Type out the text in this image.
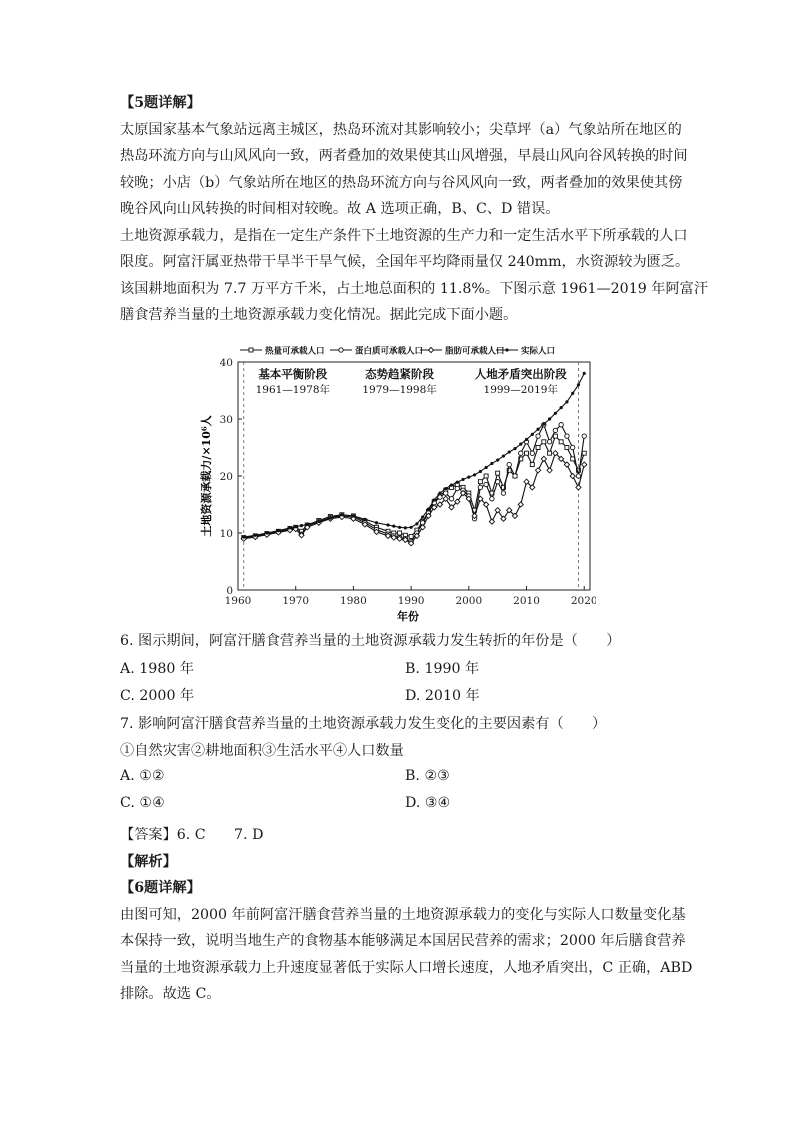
【5题详解】

太原国家基本气象站远离主城区，热岛环流对其影响较小；尖草坪（a）气象站所在地区的

热岛环流方向与山风风向一致，两者叠加的效果使其山风增强，早晨山风向谷风转换的时间

较晚；小店（b）气象站所在地区的热岛环流方向与谷风风向一致，两者叠加的效果使其傍

晚谷风向山风转换的时间相对较晚。故 A 选项正确，B、C、D 错误。

土地资源承载力，是指在一定生产条件下土地资源的生产力和一定生活水平下所承载的人口

限度。阿富汗属亚热带干旱半干旱气候，全国年平均降雨量仅 240mm，水资源较为匮乏。

该国耕地面积为 7.7 万平方千米，占土地总面积的 11.8%。下图示意 1961—2019 年阿富汗

膳食营养当量的土地资源承载力变化情况。据此完成下面小题。

热量可承载人口	蛋白质可承载人口	脂肪可承载人口 实际人口
基本平衡阶段
1961—1978年
态势趋紧阶段
1979—1998年
人地矛盾突出阶段
1999—2019年
1960	1970	1980	1990	2000	2010	2020
0
10
20
30
40
土地资源承载力/×10⁶人
年份
6. 图示期间，阿富汗膳食营养当量的土地资源承载力发生转折的年份是（　　）
A. 1980 年	B. 1990 年
C. 2000 年	D. 2010 年
7. 影响阿富汗膳食营养当量的土地资源承载力发生变化的主要因素有（　　）
①自然灾害②耕地面积③生活水平④人口数量
A. ①②	B. ②③
C. ①④	D. ③④

【答案】6. C　　7. D

【解析】

【6题详解】

由图可知，2000 年前阿富汗膳食营养当量的土地资源承载力的变化与实际人口数量变化基

本保持一致，说明当地生产的食物基本能够满足本国居民营养的需求；2000 年后膳食营养

当量的土地资源承载力上升速度显著低于实际人口增长速度，人地矛盾突出，C 正确，ABD

排除。故选 C。
